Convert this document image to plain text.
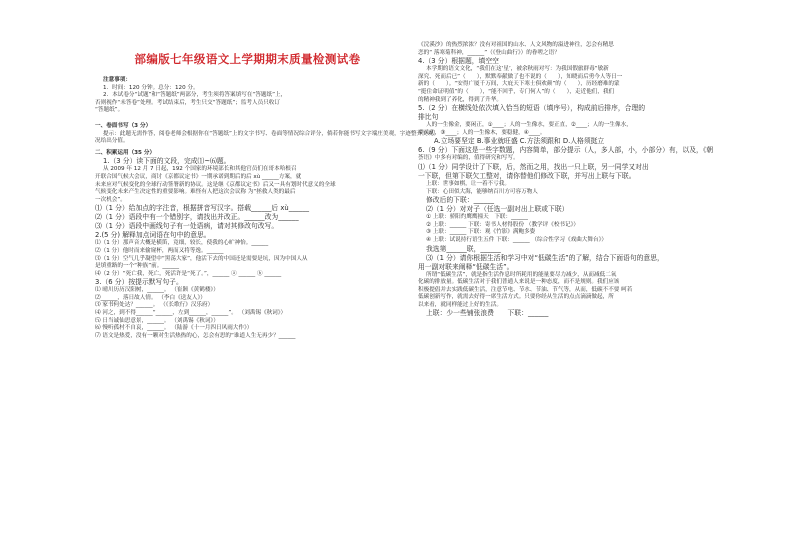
部编版七年级语文上学期期末质量检测试卷
注意事项：
1．时间：120 分钟。总分：120 分。
2．本试卷分“试题”和“答题纸”两部分，考生须将答案填写在“答题纸”上，
否则视作“未答卷”处理。考试结束后，考生只交“答题纸”；监考人员只收订
“答题纸”。
一、卷面书写（3 分）
提示：此题无需作答，阅卷老师会根据你在“答题纸”上的文字书写、卷面等情况综合评分，倘若你能书写文字端庄美观，字迹整齐美观。
况给出分值。
二、积累运用（35 分）
1.（3 分）读下面的文段，完成⑴~⑹题。
从 2009 年 12 月 7 日起，192 个国家的环境部长和其他官员们在哥本哈根召
开联合国气候大会议，商讨《京都议定书》一期承诺到期后的后 xù ______方案，就
未来应对气候变化的全球行动签署新的协议。这是继《京都议定书》后又一具有划时代意义的全球
气候变化未来产生决定性的重要影响。难怪有人把这次会议称 为“拯救人类的最后
一次机会”。
⑴（1 分）给加点的字注音，根据拼音写汉字。搭载______后 xù______
⑵（1 分）语段中有一个错别字，请找出并改正。______改为______
⑶（1 分）语段中画线句子有一处语病，请对其修改句改写。
2.(5 分) 解释加点词语在句中的意思。
⑴（1 分）那声音大概是横笛，竟细，较长，使我的心旷神怡。______
⑵（1 分）他时而来偷窥杯，两而又将等逸。______
⑶（1 分）空气几乎凝望中“黑荡大家”，他活下去的中国还是需要是坑，因为中国人从
是填重路的一个“种族”前。______
⑷（2 分）“死亡我，死亡，死活许是“死了。”，______ ⓐ ______ ⓑ ______
3.（6 分）按提示默写句子。
⑴ 晴川历历汉阳树，______。 （崔颢《黄鹤楼》）
⑵______，落日故人情。 （李白《送友人》）
⑶ 家书何处达？______。 （《长歌行》汉乐府）
⑷ 河之，到不得______“______，左到______，______”。 （刘禹锡《秋词》）
⑸ 日当诚仙思意景，______。 （刘禹锡《秋词》）
⑹ 慢听孤村不自哀，______。 （陆游《十一月四日风雨大作》）
⑺ 语文是热爱，没有一颗对生活热热的心，怎会有思的“谁道人生无再少？______
《浣溪沙》的热烈浓浓？没有对祖国的山水、人文风物的溢进神往，怎会有精思
恋的“ 落寒菊科神，______”（《登山曲行》）的眷嗟之语？
4.（3 分）根据题，填空空
本学期的语文文化，“我们在这‘星’，被余秋雨对写：为我国假旅群毒“敏新
深究、死而后已”（　　），默默奉献做了也不说的（　　），知晓而后勇今人等日一
新的（　　）。“安得广厦千万间，大庇天下寒士俱欢颜”的（　　），历经磨难的蒙
“挺住命证明值”的（　　），“能不回乎，专门何人”的（　　），走近他们，我们
的精神我到了养化，得到了升华。
5.（2 分）在横线处依次填入恰当的短语（填序号），构成前后排序，合理的
排比句
人的一生像金，要闲正，①____；人的一生像水，要正直，②____；人的一生像水，
要灵动，③____；人的一生像木，要稳健，④____。
A.立场要坚定 B.事业就旺盛 C.方法须跟和 D.人格须挺立
6.（9 分）下面这是一些字数题，内容简单，部分提示（人，多人部，小，小部分）有，以及，《朝
荟语》中多有对编的，值得研究和写写。
⑴（1 分）同学设计了下联，后，然而之用，找出一只上联，另一同学又对出
一下联，但第下联欠工整对，请你替他们修改下联，并写出上联与下联。
上联：世事如棋，让一着不亏我。
下联：心田似大海，能够纳百川方可容万物人
修改后的下联：______
⑵（1 分）对对子（任选一副对出上联或下联）
① 上联：骄阳灼鹰鹰撞天　下联：______
② 上联：______ 下联：寄书人材得股份 （教学评《校书记》）
③ 上联：______ 下联：观《竹影》满鲍多姿
④ 上联：试说持行语生五件 下联：______ （综合性学习《戏曲大舞台》）
我选第______联，______
⑶（1 分）请你根据生活和学习中对“低碳生活”的了解，结合下面语句的意思，
用一副对联来阐释“低碳生活”。
所谓“低碳生活”，就是指生活作息时所耗用的能量要尽力减少，从而减低二氧
化碳的排放量。低碳生活对于我们普通人来说是一种态度，而不是规则。我们应该
积极提倡并去实践低碳生活，注意节电、节水、节油、节气等，从而，低碳不不要 呵若
低碳创新写作，就需去好得一席生活方式。只要你经从生活的点点滴滴做起，所
以来看，就同样能过上好的生活。
上联：少一些铺张浪费　　下联：______
